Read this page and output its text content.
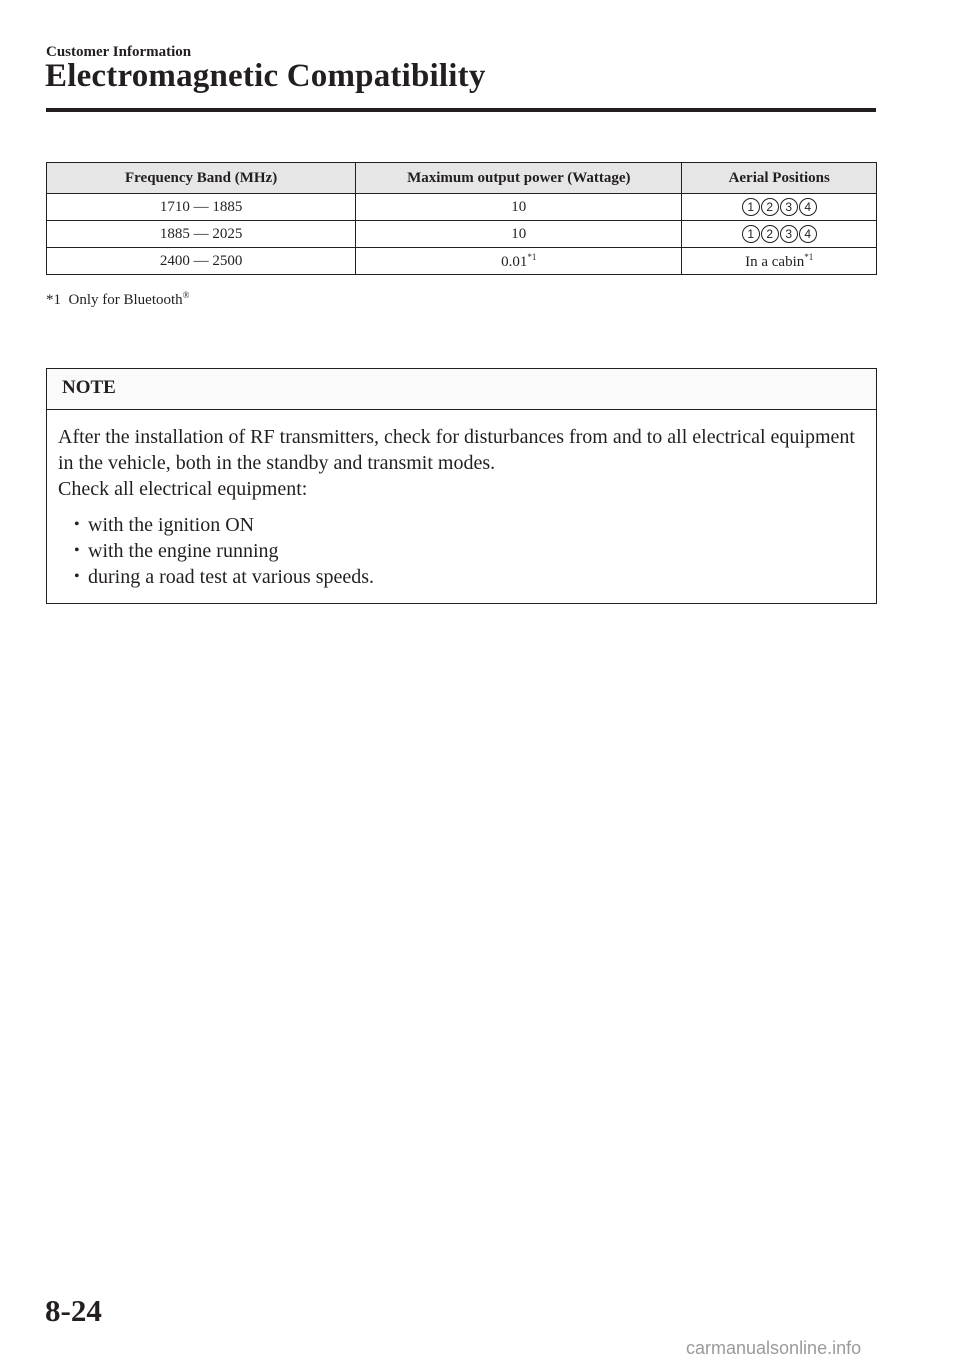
Customer Information
Electromagnetic Compatibility
Frequency Band (MHz)	Maximum output power (Wattage)	Aerial Positions
1710 — 1885	10	1 2 3 4

1885 — 2025	10	1 2 3 4

2400 — 2500	0.01$^{*1}$	In a cabin$^{*1}$
*1 Only for Bluetooth®
NOTE

After the installation of RF transmitters, check for disturbances from and to all electrical equipment in the vehicle, both in the standby and transmit modes.

Check all electrical equipment:

• with the ignition ON
• with the engine running
• during a road test at various speeds.
8-24
carmanualsonline.info
